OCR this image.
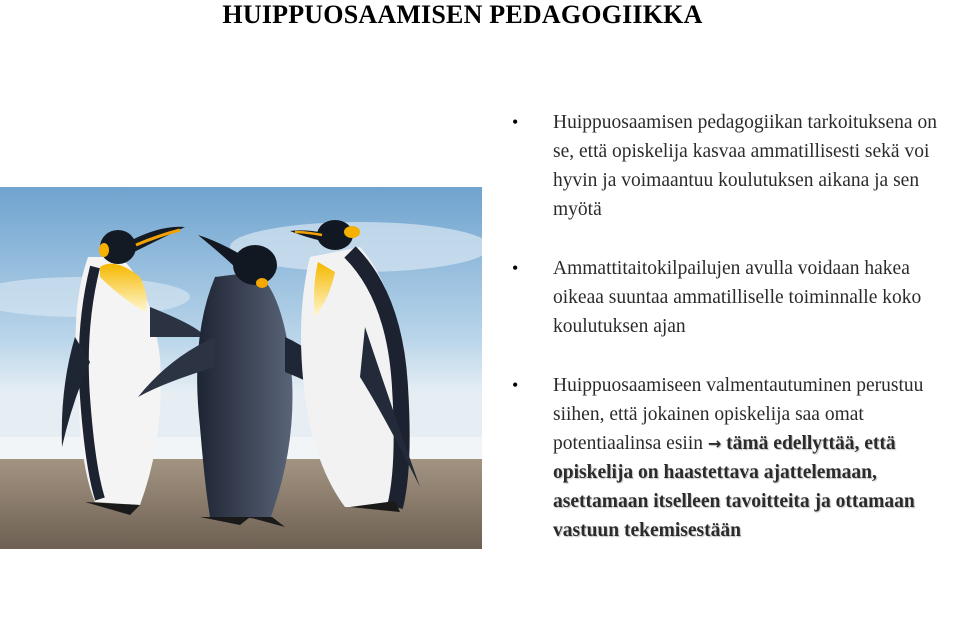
HUIPPUOSAAMISEN PEDAGOGIIKKA
• Huippuosaamisen pedagogiikan tarkoituksena on se, että opiskelija kasvaa ammatillisesti sekä voi hyvin ja voimaantuu koulutuksen aikana ja sen myötä
• Ammattitaitokilpailujen avulla voidaan hakea oikeaa suuntaa ammatilliselle toiminnalle koko koulutuksen ajan
• Huippuosaamiseen valmentautuminen perustuu siihen, että jokainen opiskelija saa omat potentiaalinsa esiin → tämä edellyttää, että opiskelija on haastettava ajattelemaan, asettamaan itselleen tavoitteita ja ottamaan vastuun tekemisestään
